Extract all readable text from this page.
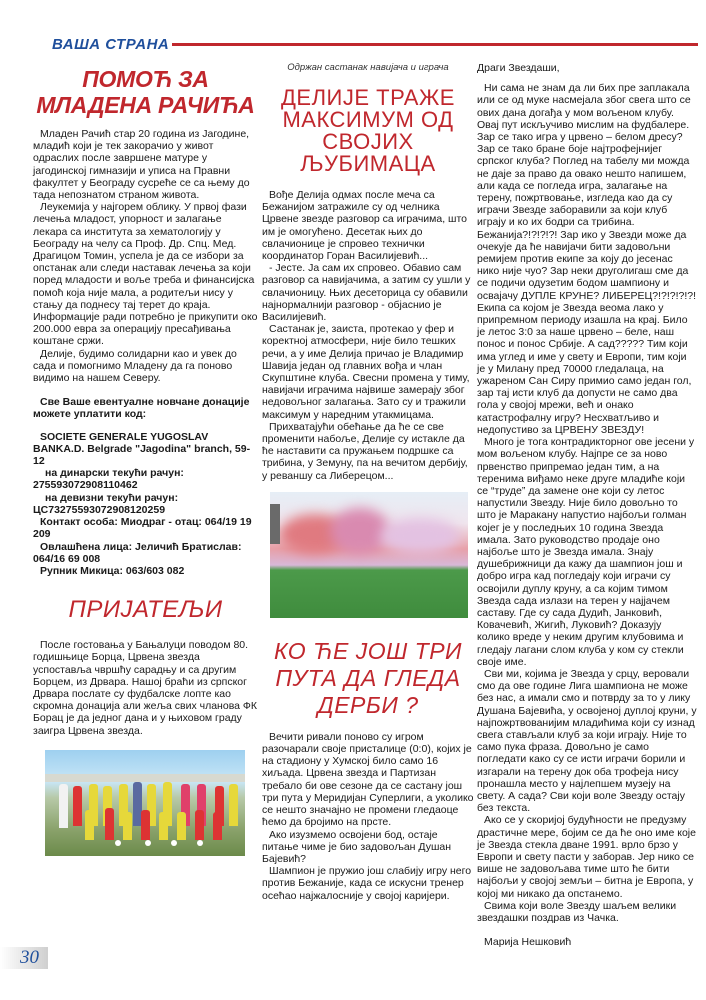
ВАША СТРАНА
ПОМОЋ ЗА
МЛАДЕНА РАЧИЋА

Младен Рачић стар 20 година из Јагодине, младић који је тек закорачио у живот одраслих после завршене матуре у јагодинској гимназији и уписа на Правни факултет у Београду сусреће се са њему до тада непознатом страном живота.

Леукемија у најгорем облику. У првој фази лечења младост, упорност и залагање лекара са института за хематологију у Београду на челу са Проф. Др. Спц. Мед. Драгицом Томин, успела је да се избори за опстанак али следи наставак лечења за који поред младости и воље треба и финансијска помоћ која није мала, а родитељи нису у стању да поднесу тај терет до краја. Информације ради потребно је прикупити око 200.000 евра за операцију пресађивања коштане сржи.

Делије, будимо солидарни као и увек до сада и помогнимо Младену да га поново видимо на нашем Северу.

Све Ваше евентуалне новчане донације можете уплатити код:

SOCIETE GENERALE YUGOSLAV BANKA.D. Belgrade "Jagodina" branch, 59-12

на динарски текући рачун:

275593072908110462

на девизни текући рачун:

ЦС73275593072908120259

Контакт особа: Миодраг - отац: 064/19 19 209

Овлашћена лица: Јеличић Братислав: 064/16 69 008

Рупник Микица: 063/603 082

ПРИЈАТЕЉИ

После гостовања у Бањалуци поводом 80. годишњице Борца, Црвена звезда успоставља чвршћу сарадњу и са другим Борцем, из Дрвара. Нашој браћи из српског Дрвара послате су фудбалске лопте као скромна донација али жеља свих чланова ФК Борац је да једног дана и у њиховом граду заигра Црвена звезда.

Одржан састанак навијача и играча

ДЕЛИЈЕ ТРАЖЕ
МАКСИМУМ ОД
СВОЈИХ ЉУБИМАЦА

Вође Делија одмах после меча са Бежанијом затражиле су од челника Црвене звезде разговор са играчима, што им је омогућено. Десетак њих до свлачионице је спровео технички координатор Горан Василијевић...

- Јесте. Ја сам их спровео. Обавио сам разговор са навијачима, а затим су ушли у свлачионицу. Њих десеторица су обавили најнормалнији разговор - објаснио је Василијевић.

Састанак је, заиста, протекао у фер и коректној атмосфери, није било тешких речи, а у име Делија причао је Владимир Шавија један од главних вођа и члан Скупштине клуба. Свесни промена у тиму, навијачи играчима највише замерају због недовољног залагања. Зато су и тражили максимум у наредним утакмицама.

Прихватајући обећање да ће се све променити набоље, Делије су истакле да ће наставити са пружањем подршке са трибина, у Земуну, па на вечитом дербију, у реваншу са Либерецом...

КО ЋЕ ЈОШ ТРИ
ПУТА ДА ГЛЕДА
ДЕРБИ ?

Вечити ривали поново су игром разочарали своје присталице (0:0), којих је на стадиону у Хумској било само 16 хиљада. Црвена звезда и Партизан требало би ове сезоне да се састану још три пута у Меридијан Суперлиги, а уколико се нешто значајно не промени гледаоце ћемо да бројимо на прсте.

Ако изузмемо освојени бод, остаје питање чиме је био задовољан Душан Бајевић?

Шампион је пружио још слабију игру него против Бежаније, када се искусни тренер осећао најжалосније у својој каријери.

Драги Звездаши,

Ни сама не знам да ли бих пре заплакала или се од муке насмејала због свега што се ових дана догађа у мом вољеном клубу. Овај пут искључиво мислим на фудбалере. Зар се тако игра у црвено – белом дресу? Зар се тако бране боје најтрофејнијег српског клуба? Поглед на табелу ми можда не даје за право да овако нешто напишем, али када се погледа игра, залагање на терену, пожртвовање, изгледа као да су играчи Звезде заборавили за који клуб играју и ко их бодри са трибина. Бежанија?!?!?!?! Зар ико у Звезди може да очекује да ће навијачи бити задовољни ремијем против екипе за коју до јесенас нико није чуо? Зар неки друголигаш сме да се подичи одузетим бодом шампиону и освајачу ДУПЛЕ КРУНЕ? ЛИБЕРЕЦ?!?!?!?!?! Екипа са којом је Звезда веома лако у припремном периоду изашла на крај. Било је летос 3:0 за наше црвено – беле, наш понос и понос Србије. А сад????? Тим који има углед и име у свету и Европи, тим који је у Милану пред 70000 гледалаца, на ужареном Сан Сиру примио само један гол, зар тај исти клуб да допусти не само два гола у својој мрежи, већ и онако катастрофалну игру? Несхватљиво и недопустиво за ЦРВЕНУ ЗВЕЗДУ!

Много је тога контрадикторног ове јесени у мом вољеном клубу. Најпре се за ново првенство припремао један тим, а на теренима виђамо неке друге младиће који се “труде” да замене оне који су летос напустили Звезду. Није било довољно то што је Маракану напустио најбољи голман којег је у последњих 10 година Звезда имала. Зато руководство продаје оно најбоље што је Звезда имала. Знају душебрижници да кажу да шампион још и добро игра кад погледају који играчи су освојили дуплу круну, а са којим тимом Звезда сада излази на терен у најјачем саставу. Где су сада Дудић, Јанковић, Ковачевић, Жигић, Луковић? Доказују колико вреде у неким другим клубовима и гледају лагани слом клуба у ком су стекли своје име.

Сви ми, којима је Звезда у срцу, веровали смо да ове године Лига шампиона не може без нас, а имали смо и потврду за то у лику Душана Бајевића, у освојеној дуплој круни, у најпожртвованијим младићима који су изнад свега стављали клуб за који играју. Није то само пука фраза. Довољно је само погледати како су се исти играчи борили и изгарали на терену док оба трофеја нису пронашла место у најлепшем музеју на свету. А сада? Сви који воле Звезду остају без текста.

Ако се у скоријој будућности не предузму драстичне мере, бојим се да ће оно име које је Звезда стекла дване 1991. врло брзо у Европи и свету пасти у заборав. Јер нико се више не задовољава тиме што ће бити најбољи у својој земљи – битна је Европа, у којој ми никако да опстанемо.

Свима који воле Звезду шаљем велики звездашки поздрав из Чачка.

Марија Нешковић

30
